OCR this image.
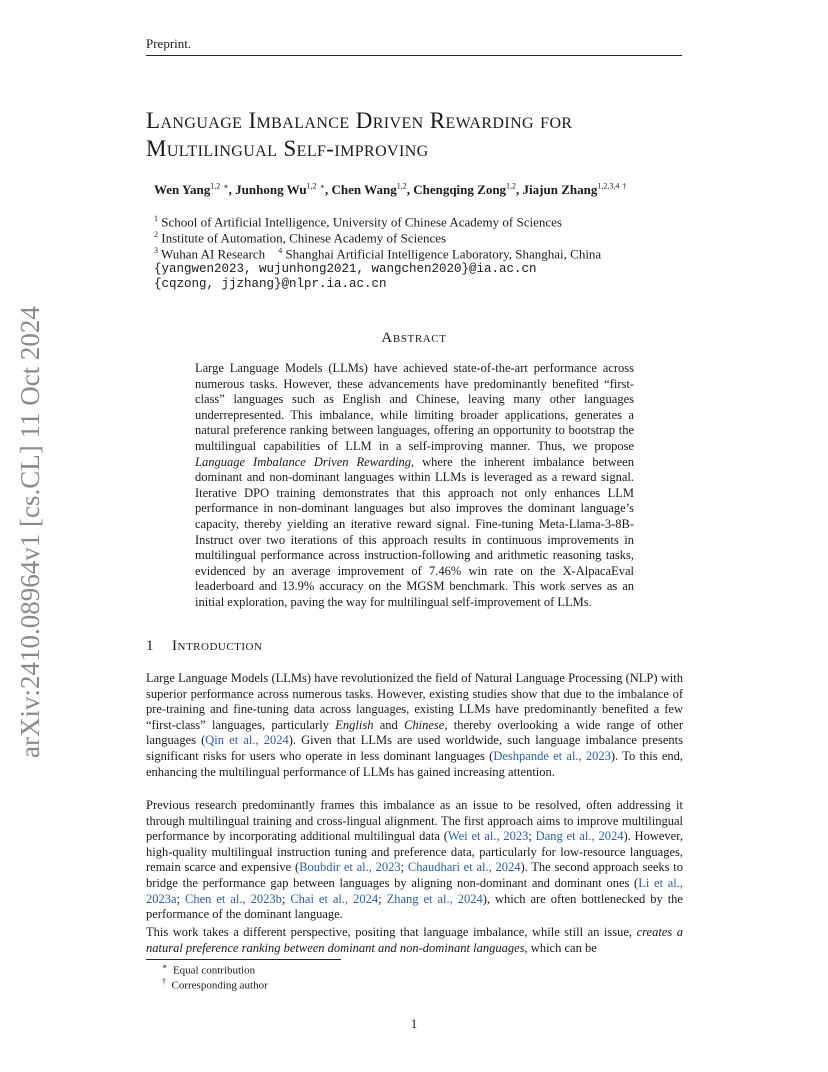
Preprint.
arXiv:2410.08964v1 [cs.CL] 11 Oct 2024
Language Imbalance Driven Rewarding for
Multilingual Self-improving
Wen Yang$^{1,2}$ ∗, Junhong Wu$^{1,2}$ ∗, Chen Wang$^{1,2}$, Chengqing Zong$^{1,2}$, Jiajun Zhang$^{1,2,3,4}$ †
$^1$ School of Artificial Intelligence, University of Chinese Academy of Sciences
$^2$ Institute of Automation, Chinese Academy of Sciences
$^3$ Wuhan AI Research $^4$ Shanghai Artificial Intelligence Laboratory, Shanghai, China
{yangwen2023, wujunhong2021, wangchen2020}@ia.ac.cn
{cqzong, jjzhang}@nlpr.ia.ac.cn
Abstract

Large Language Models (LLMs) have achieved state-of-the-art performance across numerous tasks. However, these advancements have predominantly benefited “first-class” languages such as English and Chinese, leaving many other languages underrepresented. This imbalance, while limiting broader applications, generates a natural preference ranking between languages, offering an opportunity to bootstrap the multilingual capabilities of LLM in a self-improving manner. Thus, we propose Language Imbalance Driven Rewarding, where the inherent imbalance between dominant and non-dominant languages within LLMs is leveraged as a reward signal. Iterative DPO training demonstrates that this approach not only enhances LLM performance in non-dominant languages but also improves the dominant language’s capacity, thereby yielding an iterative reward signal. Fine-tuning Meta-Llama-3-8B-Instruct over two iterations of this approach results in continuous improvements in multilingual performance across instruction-following and arithmetic reasoning tasks, evidenced by an average improvement of 7.46% win rate on the X-AlpacaEval leaderboard and 13.9% accuracy on the MGSM benchmark. This work serves as an initial exploration, paving the way for multilingual self-improvement of LLMs.

1 Introduction

Large Language Models (LLMs) have revolutionized the field of Natural Language Processing (NLP) with superior performance across numerous tasks. However, existing studies show that due to the imbalance of pre-training and fine-tuning data across languages, existing LLMs have predominantly benefited a few “first-class” languages, particularly English and Chinese, thereby overlooking a wide range of other languages (Qin et al., 2024). Given that LLMs are used worldwide, such language imbalance presents significant risks for users who operate in less dominant languages (Deshpande et al., 2023). To this end, enhancing the multilingual performance of LLMs has gained increasing attention.

Previous research predominantly frames this imbalance as an issue to be resolved, often addressing it through multilingual training and cross-lingual alignment. The first approach aims to improve multilingual performance by incorporating additional multilingual data (Wei et al., 2023; Dang et al., 2024). However, high-quality multilingual instruction tuning and preference data, particularly for low-resource languages, remain scarce and expensive (Boubdir et al., 2023; Chaudhari et al., 2024). The second approach seeks to bridge the performance gap between languages by aligning non-dominant and dominant ones (Li et al., 2023a; Chen et al., 2023b; Chai et al., 2024; Zhang et al., 2024), which are often bottlenecked by the performance of the dominant language.

This work takes a different perspective, positing that language imbalance, while still an issue, creates a natural preference ranking between dominant and non-dominant languages, which can be

∗ Equal contribution
† Corresponding author
1
